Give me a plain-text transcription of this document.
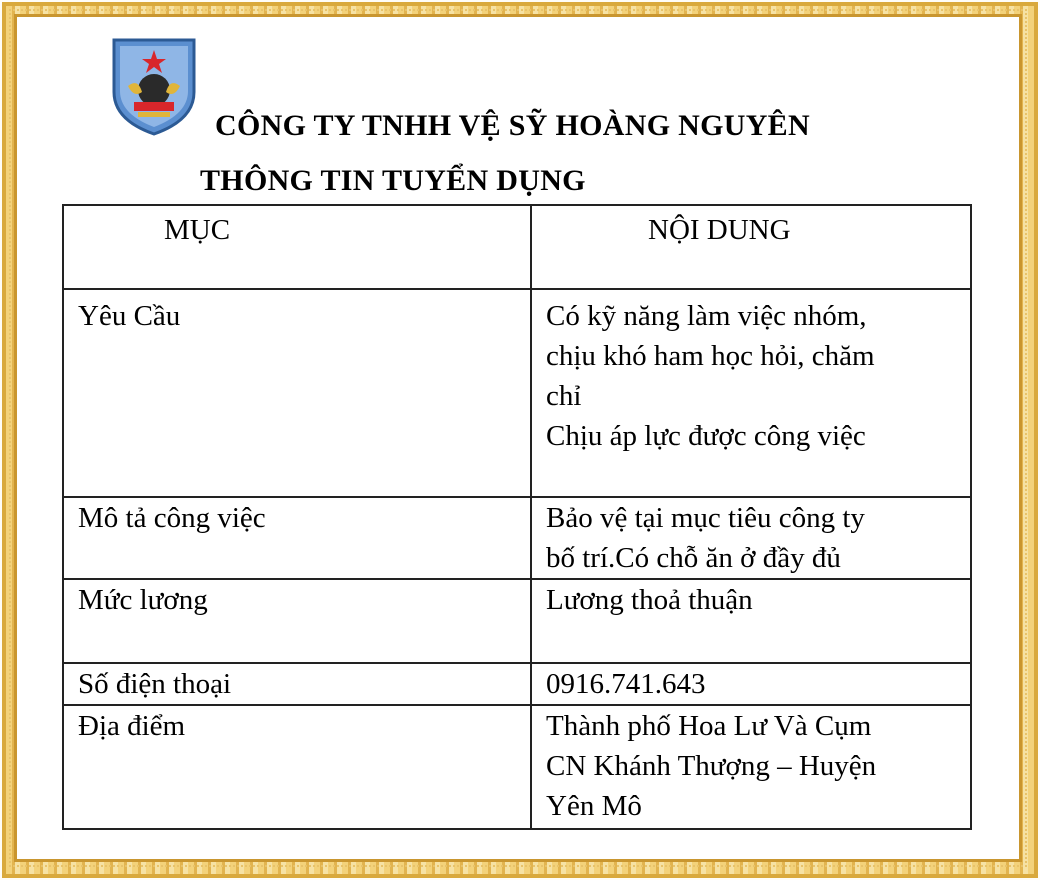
CÔNG TY TNHH VỆ SỸ HOÀNG NGUYÊN
THÔNG TIN TUYỂN DỤNG
MỤC	NỘI DUNG
Yêu Cầu	Có kỹ năng làm việc nhóm,
chịu khó ham học hỏi, chăm
chỉ
Chịu áp lực được công việc

Mô tả công việc	Bảo vệ tại mục tiêu công ty
bố trí.Có chỗ ăn ở đầy đủ

Mức lương	Lương thoả thuận

Số điện thoại	0916.741.643

Địa điểm	Thành phố Hoa Lư Và Cụm
CN Khánh Thượng – Huyện
Yên Mô
